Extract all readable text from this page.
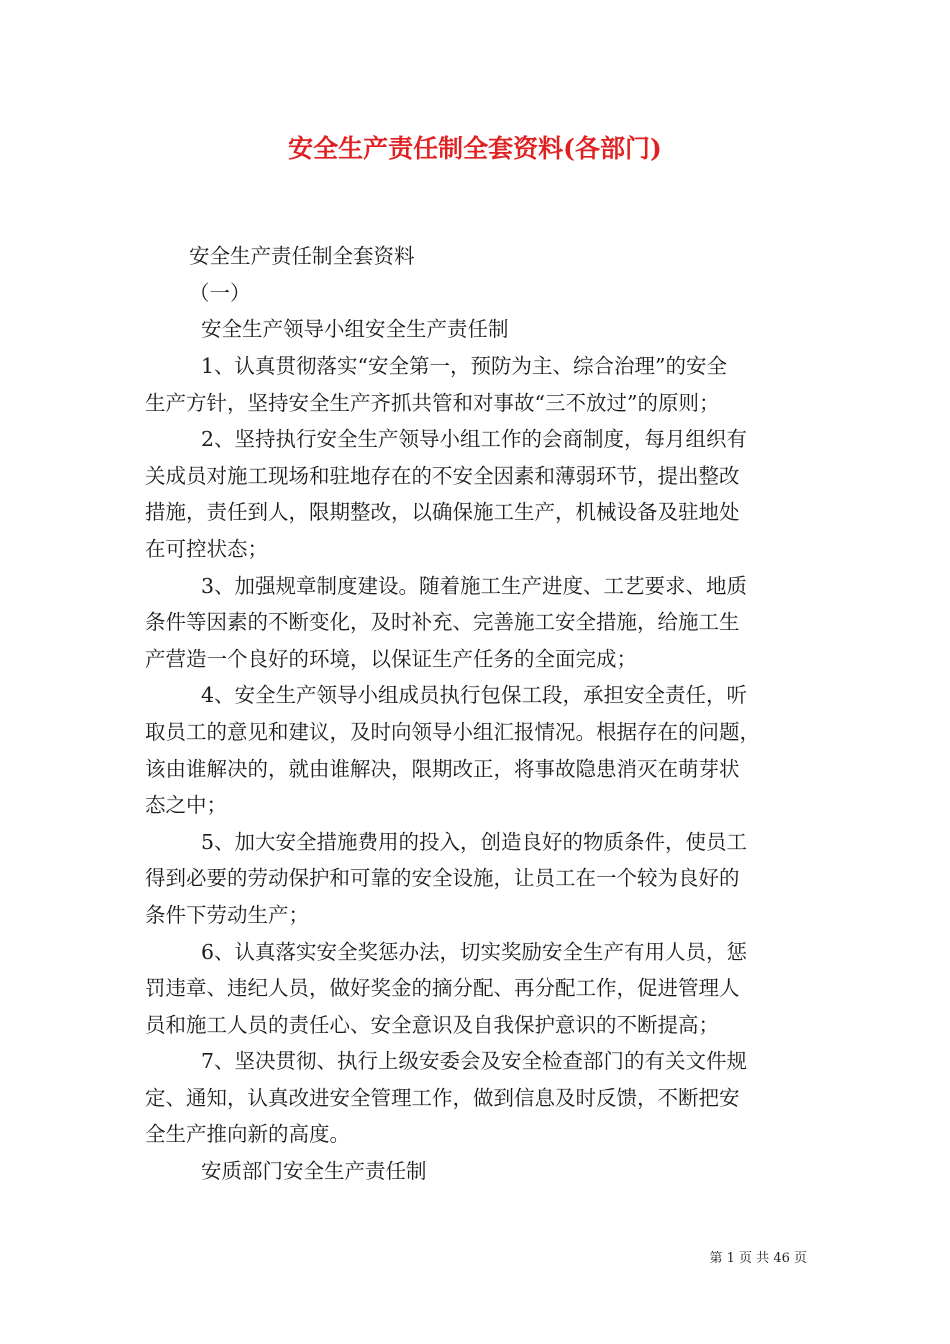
安全生产责任制全套资料(各部门)
安全生产责任制全套资料
（一）
安全生产领导小组安全生产责任制
1、认真贯彻落实“安全第一，预防为主、综合治理”的安全
生产方针，坚持安全生产齐抓共管和对事故“三不放过”的原则；
2、坚持执行安全生产领导小组工作的会商制度，每月组织有
关成员对施工现场和驻地存在的不安全因素和薄弱环节，提出整改
措施，责任到人，限期整改，以确保施工生产，机械设备及驻地处
在可控状态；
3、加强规章制度建设。随着施工生产进度、工艺要求、地质
条件等因素的不断变化，及时补充、完善施工安全措施，给施工生
产营造一个良好的环境，以保证生产任务的全面完成；
4、安全生产领导小组成员执行包保工段，承担安全责任，听
取员工的意见和建议，及时向领导小组汇报情况。根据存在的问题，
该由谁解决的，就由谁解决，限期改正，将事故隐患消灭在萌芽状
态之中；
5、加大安全措施费用的投入，创造良好的物质条件，使员工
得到必要的劳动保护和可靠的安全设施，让员工在一个较为良好的
条件下劳动生产；
6、认真落实安全奖惩办法，切实奖励安全生产有用人员，惩
罚违章、违纪人员，做好奖金的摘分配、再分配工作，促进管理人
员和施工人员的责任心、安全意识及自我保护意识的不断提高；
7、坚决贯彻、执行上级安委会及安全检查部门的有关文件规
定、通知，认真改进安全管理工作，做到信息及时反馈，不断把安
全生产推向新的高度。
安质部门安全生产责任制
第 1 页 共 46 页
